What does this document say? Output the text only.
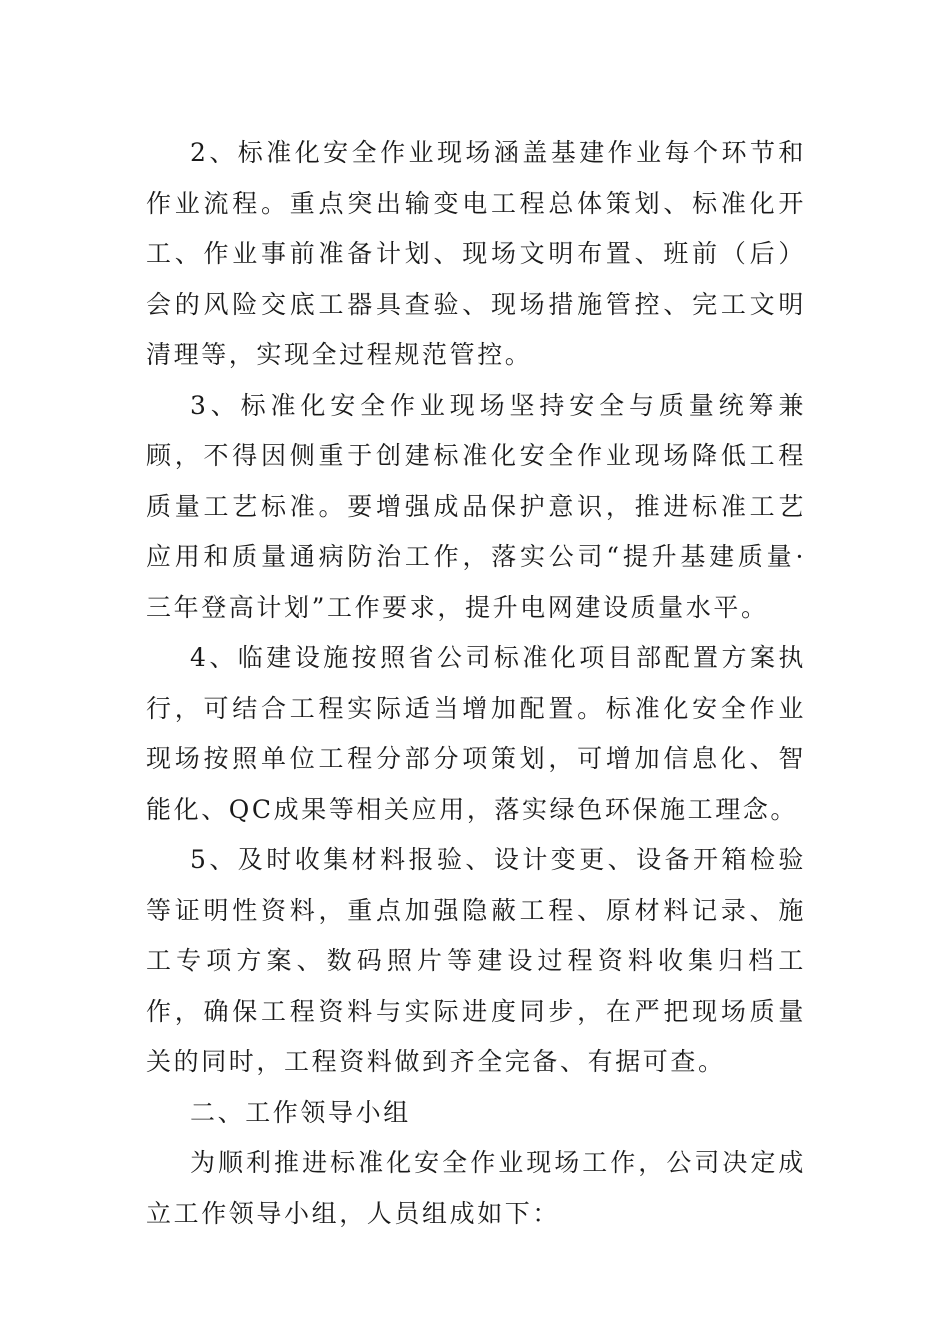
2、标准化安全作业现场涵盖基建作业每个环节和作业流程。重点突出输变电工程总体策划、标准化开工、作业事前准备计划、现场文明布置、班前（后）会的风险交底工器具查验、现场措施管控、完工文明清理等，实现全过程规范管控。

3、标准化安全作业现场坚持安全与质量统筹兼顾，不得因侧重于创建标准化安全作业现场降低工程质量工艺标准。要增强成品保护意识，推进标准工艺应用和质量通病防治工作，落实公司“提升基建质量·三年登高计划”工作要求，提升电网建设质量水平。

4、临建设施按照省公司标准化项目部配置方案执行，可结合工程实际适当增加配置。标准化安全作业现场按照单位工程分部分项策划，可增加信息化、智能化、QC成果等相关应用，落实绿色环保施工理念。

5、及时收集材料报验、设计变更、设备开箱检验等证明性资料，重点加强隐蔽工程、原材料记录、施工专项方案、数码照片等建设过程资料收集归档工作，确保工程资料与实际进度同步，在严把现场质量关的同时，工程资料做到齐全完备、有据可查。

二、工作领导小组

为顺利推进标准化安全作业现场工作，公司决定成立工作领导小组，人员组成如下：
